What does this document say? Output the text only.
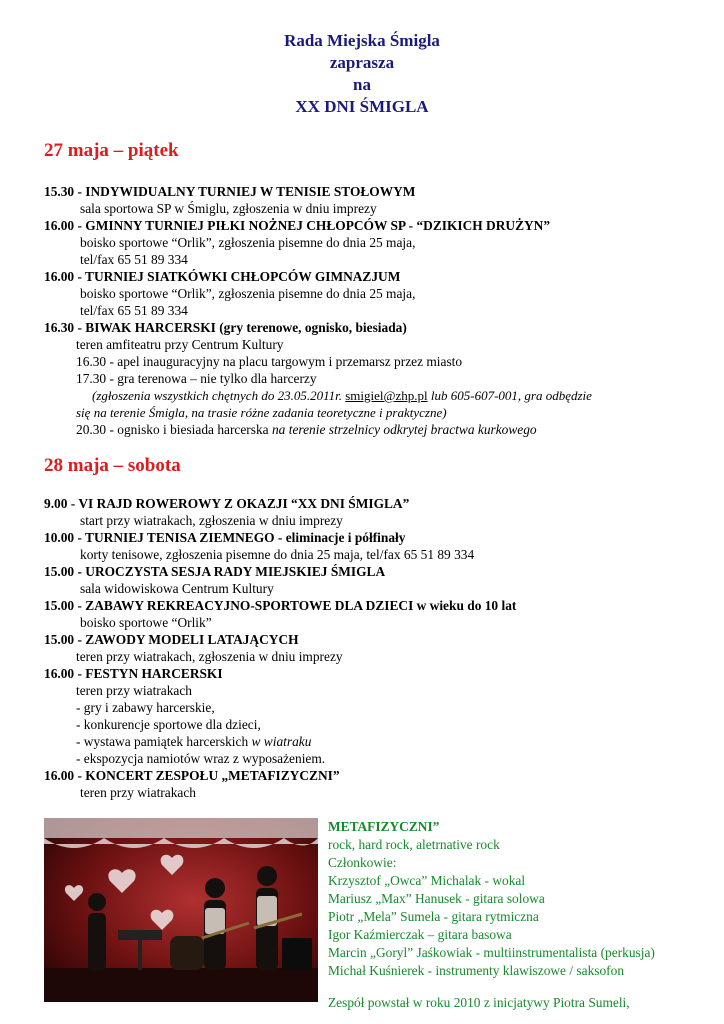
Rada Miejska Śmigla
zaprasza
na
XX DNI ŚMIGLA
27 maja – piątek
15.30 - INDYWIDUALNY TURNIEJ W TENISIE STOŁOWYM
sala sportowa SP w Śmiglu, zgłoszenia w dniu imprezy
16.00 - GMINNY TURNIEJ PIŁKI NOŻNEJ CHŁOPCÓW SP - “DZIKICH DRUŻYN”
boisko sportowe “Orlik”, zgłoszenia pisemne do dnia 25 maja,
tel/fax 65 51 89 334
16.00 - TURNIEJ SIATKÓWKI CHŁOPCÓW GIMNAZJUM
boisko sportowe “Orlik”, zgłoszenia pisemne do dnia 25 maja,
tel/fax 65 51 89 334
16.30 - BIWAK HARCERSKI (gry terenowe, ognisko, biesiada)
teren amfiteatru przy Centrum Kultury
16.30 - apel inauguracyjny na placu targowym i przemarsz przez miasto
17.30 - gra terenowa – nie tylko dla harcerzy
(zgłoszenia wszystkich chętnych do 23.05.2011r. smigiel@zhp.pl lub 605-607-001, gra odbędzie
się na terenie Śmigla, na trasie różne zadania teoretyczne i praktyczne)
20.30 - ognisko i biesiada harcerska na terenie strzelnicy odkrytej bractwa kurkowego
28 maja – sobota
9.00 - VI RAJD ROWEROWY Z OKAZJI “XX DNI ŚMIGLA”
start przy wiatrakach, zgłoszenia w dniu imprezy
10.00 - TURNIEJ TENISA ZIEMNEGO - eliminacje i półfinały
korty tenisowe, zgłoszenia pisemne do dnia 25 maja, tel/fax 65 51 89 334
15.00 - UROCZYSTA SESJA RADY MIEJSKIEJ ŚMIGLA
sala widowiskowa Centrum Kultury
15.00 - ZABAWY REKREACYJNO-SPORTOWE DLA DZIECI w wieku do 10 lat
boisko sportowe “Orlik”
15.00 - ZAWODY MODELI LATAJĄCYCH
teren przy wiatrakach, zgłoszenia w dniu imprezy
16.00 - FESTYN HARCERSKI
teren przy wiatrakach
- gry i zabawy harcerskie,
- konkurencje sportowe dla dzieci,
- wystawa pamiątek harcerskich w wiatraku
- ekspozycja namiotów wraz z wyposażeniem.
16.00 - KONCERT ZESPOŁU „METAFIZYCZNI”
teren przy wiatrakach
METAFIZYCZNI”
rock, hard rock, aletrnative rock
Członkowie:
Krzysztof „Owca” Michalak - wokal
Mariusz „Max” Hanusek - gitara solowa
Piotr „Mela” Sumela - gitara rytmiczna
Igor Kaźmierczak – gitara basowa
Marcin „Goryl” Jaśkowiak - multiinstrumentalista (perkusja)
Michał Kuśnierek - instrumenty klawiszowe / saksofon
Zespół powstał w roku 2010 z inicjatywy Piotra Sumeli,
